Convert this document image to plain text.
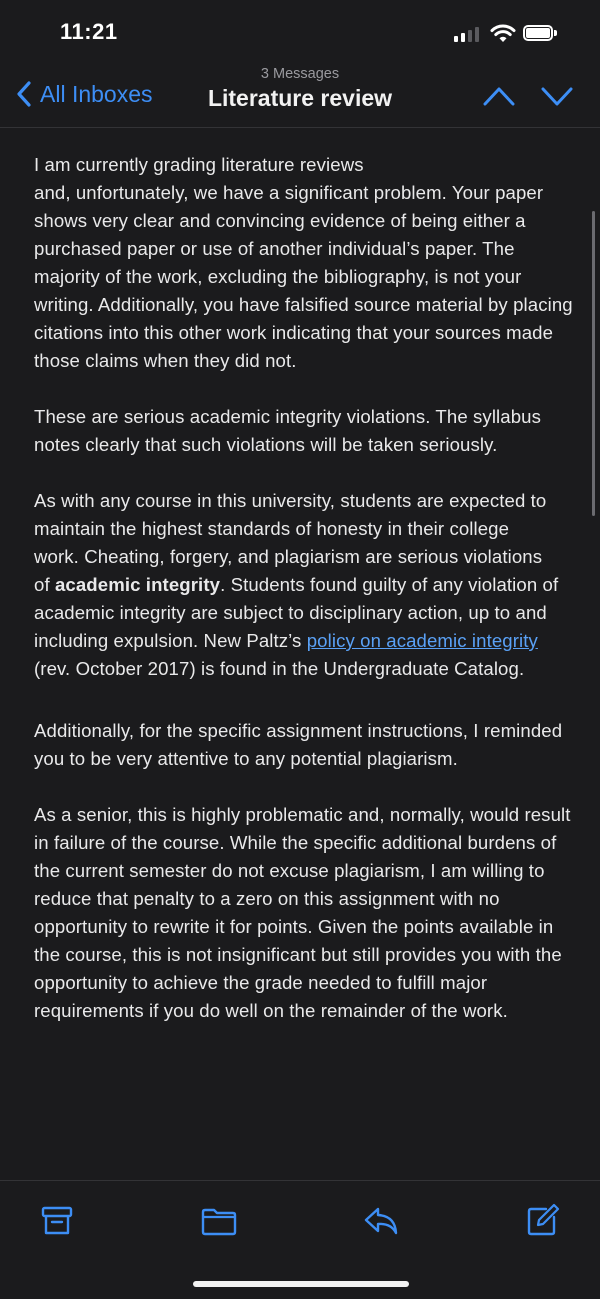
11:21
All Inboxes
3 Messages
Literature review

I am currently grading literature reviews
and, unfortunately, we have a significant problem. Your paper shows very clear and convincing evidence of being either a purchased paper or use of another individual’s paper. The majority of the work, excluding the bibliography, is not your writing. Additionally, you have falsified source material by placing citations into this other work indicating that your sources made those claims when they did not.

These are serious academic integrity violations. The syllabus notes clearly that such violations will be taken seriously.

As with any course in this university, students are expected to maintain the highest standards of honesty in their college work. Cheating, forgery, and plagiarism are serious violations of academic integrity. Students found guilty of any violation of academic integrity are subject to disciplinary action, up to and including expulsion. New Paltz’s policy on academic integrity (rev. October 2017) is found in the Undergraduate Catalog.

Additionally, for the specific assignment instructions, I reminded you to be very attentive to any potential plagiarism.

As a senior, this is highly problematic and, normally, would result in failure of the course. While the specific additional burdens of the current semester do not excuse plagiarism, I am willing to reduce that penalty to a zero on this assignment with no opportunity to rewrite it for points. Given the points available in the course, this is not insignificant but still provides you with the opportunity to achieve the grade needed to fulfill major requirements if you do well on the remainder of the work.
